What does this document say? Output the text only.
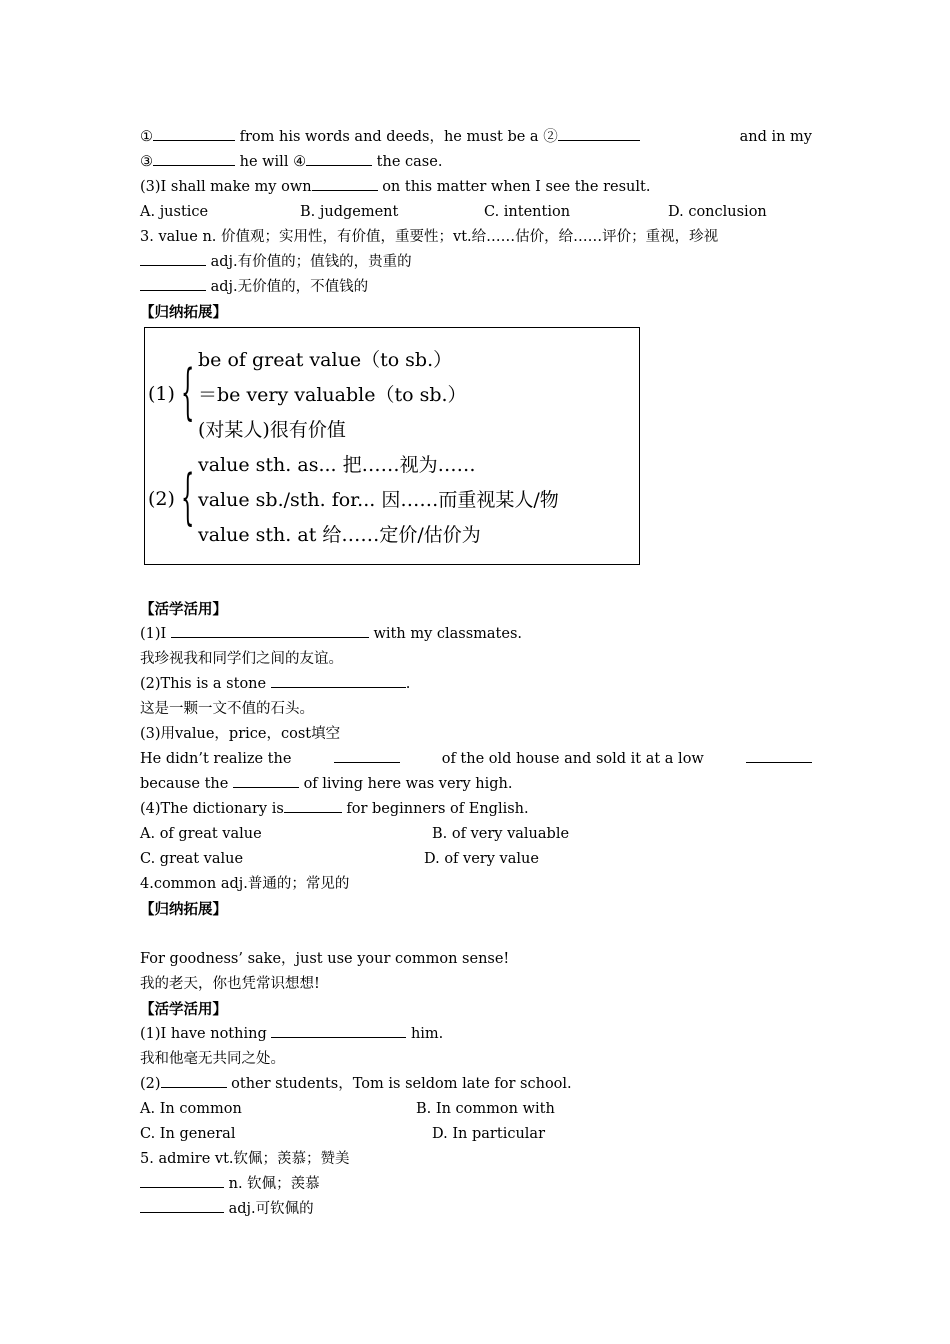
①	from his words and deeds，he must be a ②	and in my
③	he will ④	the case.
(3)I shall make my own	on this matter when I see the result.
A. justice	B. judgement	C. intention	D. conclusion
3. value n. 价值观；实用性，有价值，重要性；vt.给……估价，给……评价；重视，珍视
adj.有价值的；值钱的，贵重的
adj.无价值的，不值钱的
【归纳拓展】
(1) { be of great value（to sb.）
＝be very valuable（to sb.）
(对某人)很有价值
(2) { value sth. as... 把……视为……
value sb./sth. for... 因……而重视某人/物
value sth. at 给……定价/估价为
【活学活用】
(1)I	with my classmates.
我珍视我和同学们之间的友谊。
(2)This is a stone	.
这是一颗一文不值的石头。
(3)用value，price，cost填空
He didn’t realize the	of the old house and sold it at a low
because the	of living here was very high.
(4)The dictionary is	for beginners of English.
A. of great value	B. of very valuable
C. great value	D. of very value
4.common adj.普通的；常见的
【归纳拓展】
For goodness’ sake，just use your common sense!
我的老天，你也凭常识想想!
【活学活用】
(1)I have nothing	him.
我和他毫无共同之处。
(2)	other students，Tom is seldom late for school.
A. In common	B. In common with
C. In general	D. In particular
5. admire vt.钦佩；羡慕；赞美
n. 钦佩；羡慕
adj.可钦佩的
